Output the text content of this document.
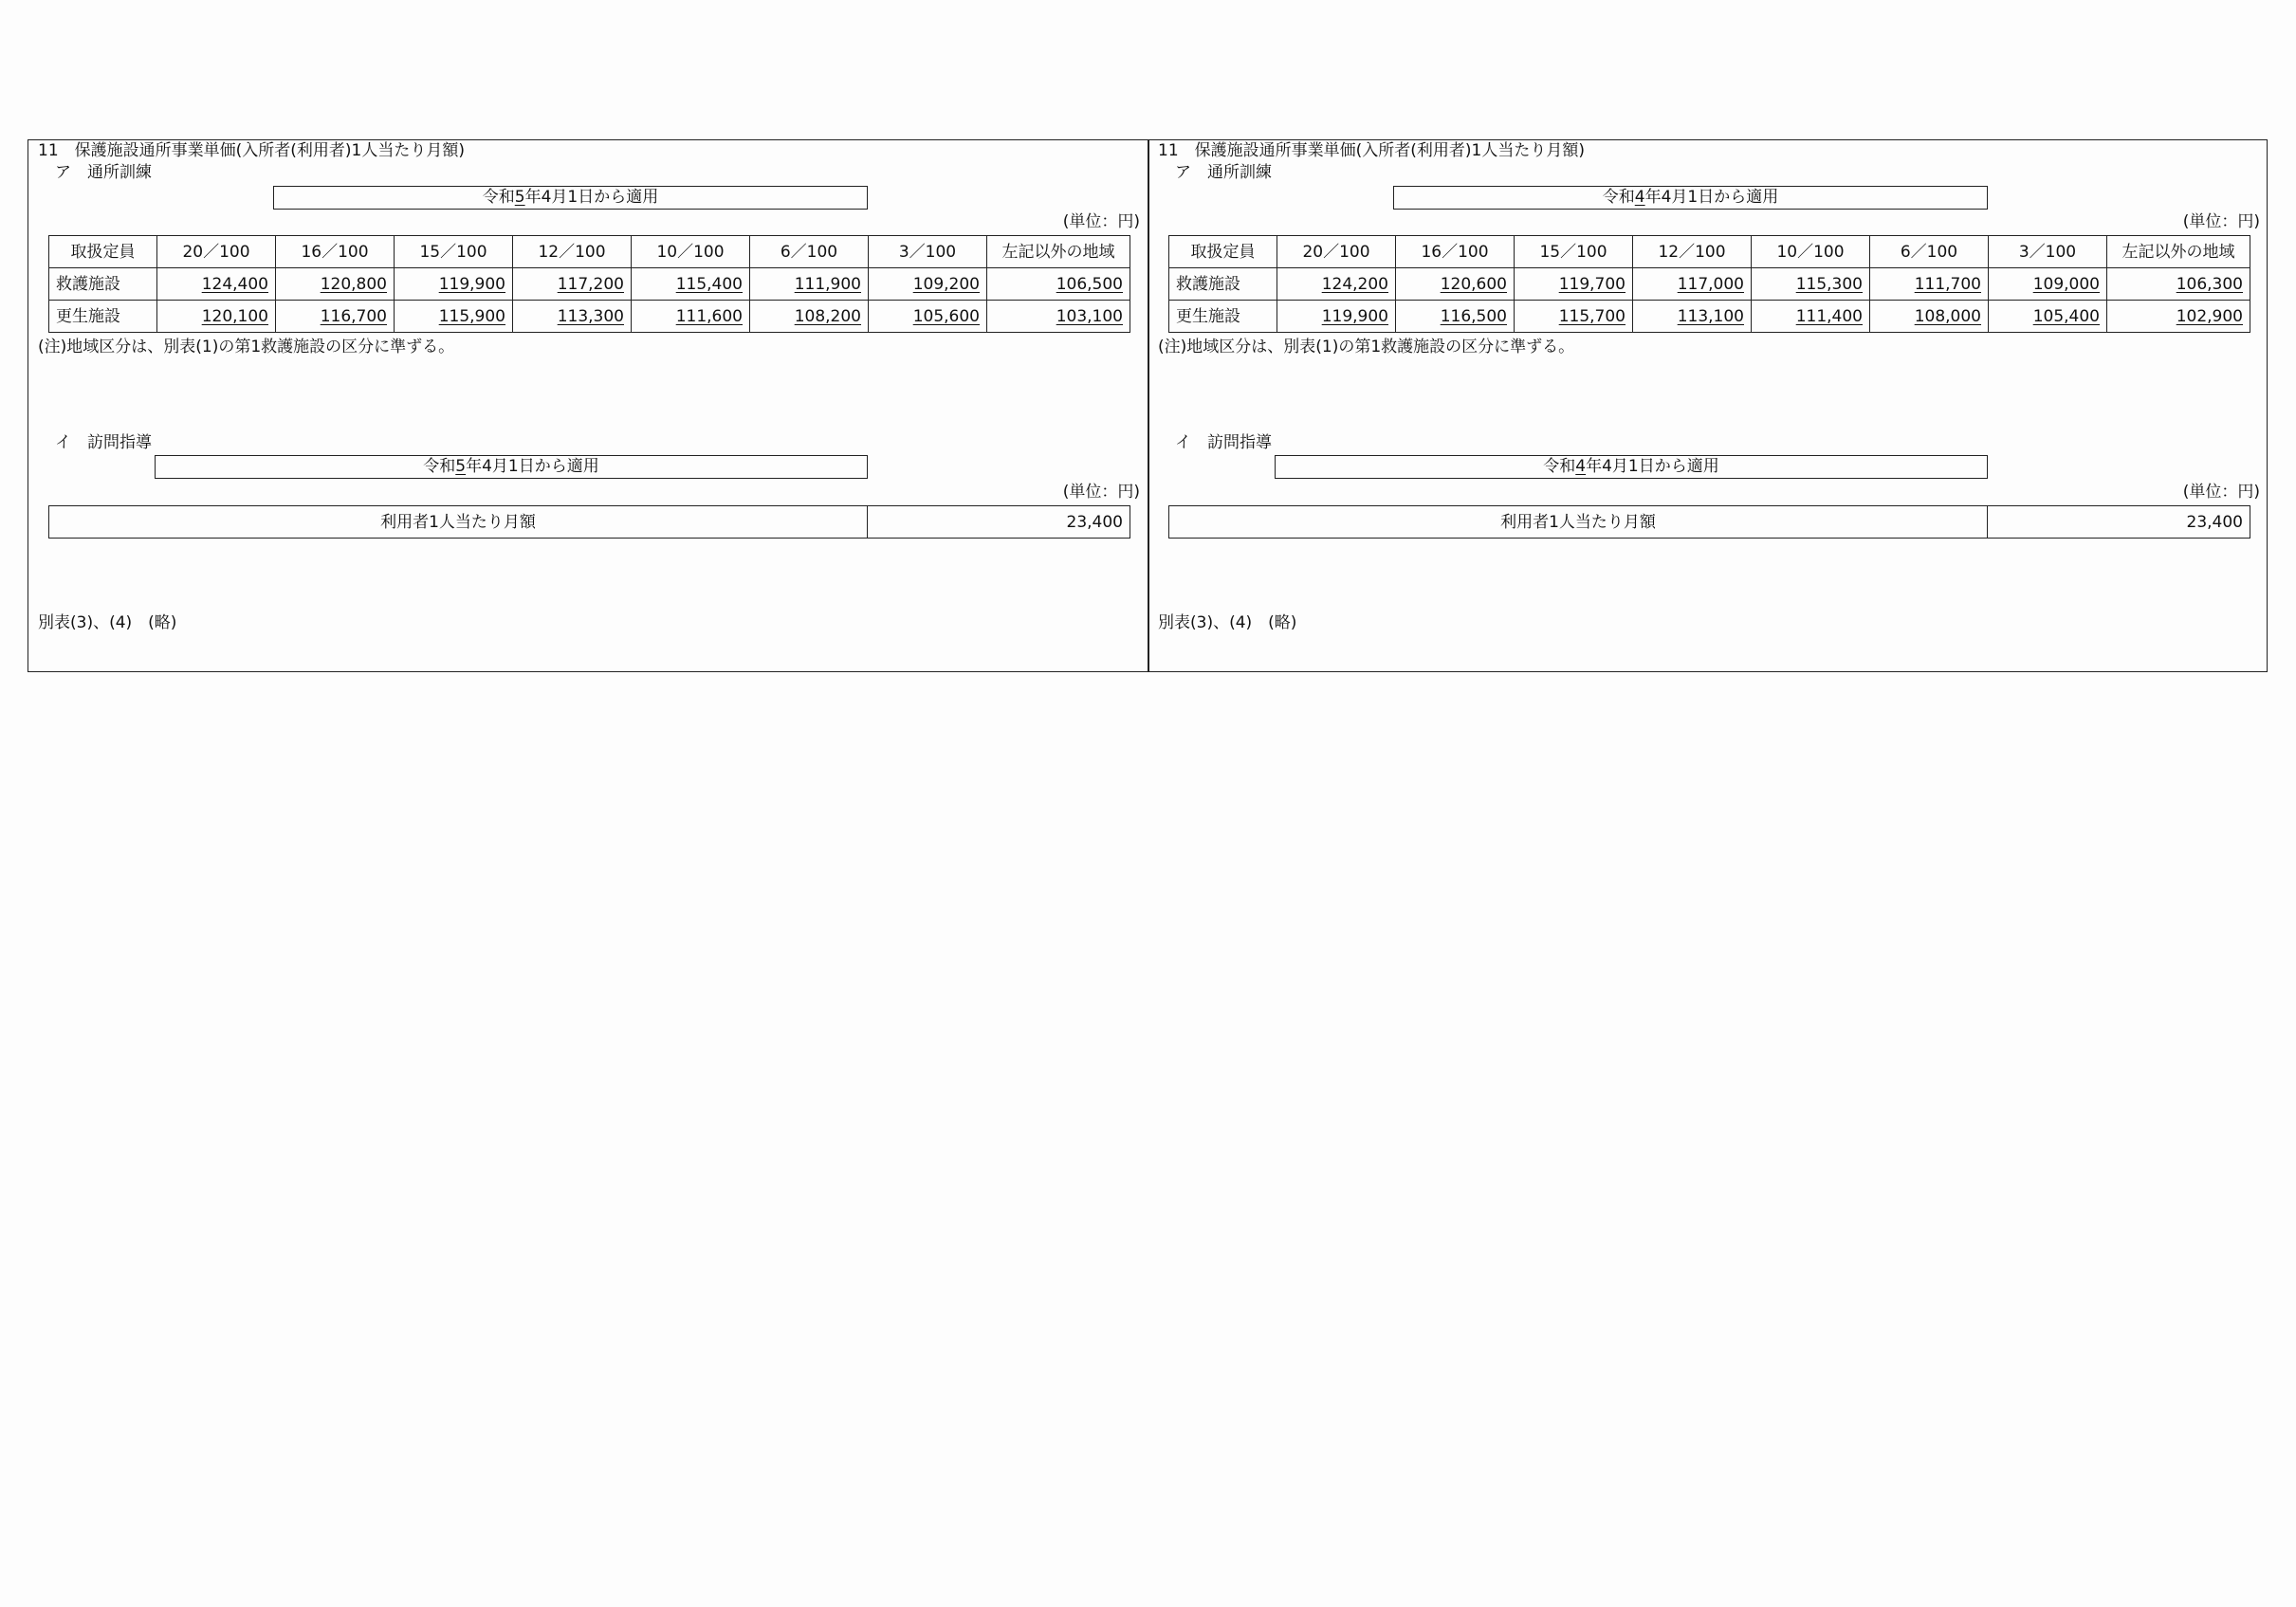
11　保護施設通所事業単価(入所者(利用者)1人当たり月額)
ア　通所訓練
令和5年4月1日から適用
(単位：円)
取扱定員	20／100	16／100	15／100	12／100	10／100	6／100	3／100	左記以外の地域
救護施設	124,400	120,800	119,900	117,200	115,400	111,900	109,200	106,500
更生施設	120,100	116,700	115,900	113,300	111,600	108,200	105,600	103,100
(注)地域区分は、別表(1)の第1救護施設の区分に準ずる。
イ　訪問指導
令和5年4月1日から適用
(単位：円)
利用者1人当たり月額	23,400
別表(3)、(4)　(略)
11　保護施設通所事業単価(入所者(利用者)1人当たり月額)
ア　通所訓練
令和4年4月1日から適用
(単位：円)
取扱定員	20／100	16／100	15／100	12／100	10／100	6／100	3／100	左記以外の地域
救護施設	124,200	120,600	119,700	117,000	115,300	111,700	109,000	106,300
更生施設	119,900	116,500	115,700	113,100	111,400	108,000	105,400	102,900
(注)地域区分は、別表(1)の第1救護施設の区分に準ずる。
イ　訪問指導
令和4年4月1日から適用
(単位：円)
利用者1人当たり月額	23,400
別表(3)、(4)　(略)
